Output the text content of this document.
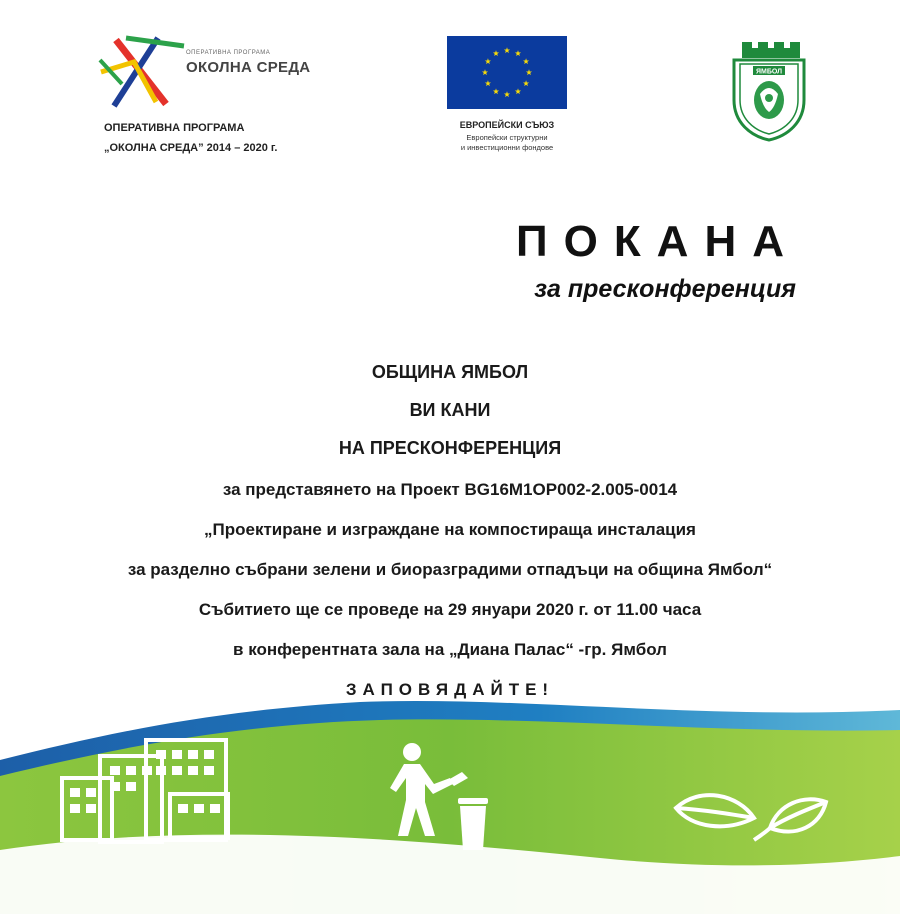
ОПЕРАТИВНА ПРОГРАМА
ОКОЛНА СРЕДА
ОПЕРАТИВНА ПРОГРАМА
„ОКОЛНА СРЕДА” 2014 – 2020 г.
ЕВРОПЕЙСКИ СЪЮЗ
Европейски структурни
и инвестиционни фондове
ЯМБОЛ
ПОКАНА
за пресконференция
ОБЩИНА ЯМБОЛ
ВИ КАНИ
НА ПРЕСКОНФЕРЕНЦИЯ
за представянето на Проект BG16M1OP002-2.005-0014
„Проектиране и изграждане на компостираща инсталация
за разделно събрани зелени и биоразградими отпадъци на община Ямбол“
Събитието ще се проведе на 29 януари 2020 г. от 11.00 часа
в конферентната зала на „Диана Палас“ -гр. Ямбол
ЗАПОВЯДАЙТЕ!
